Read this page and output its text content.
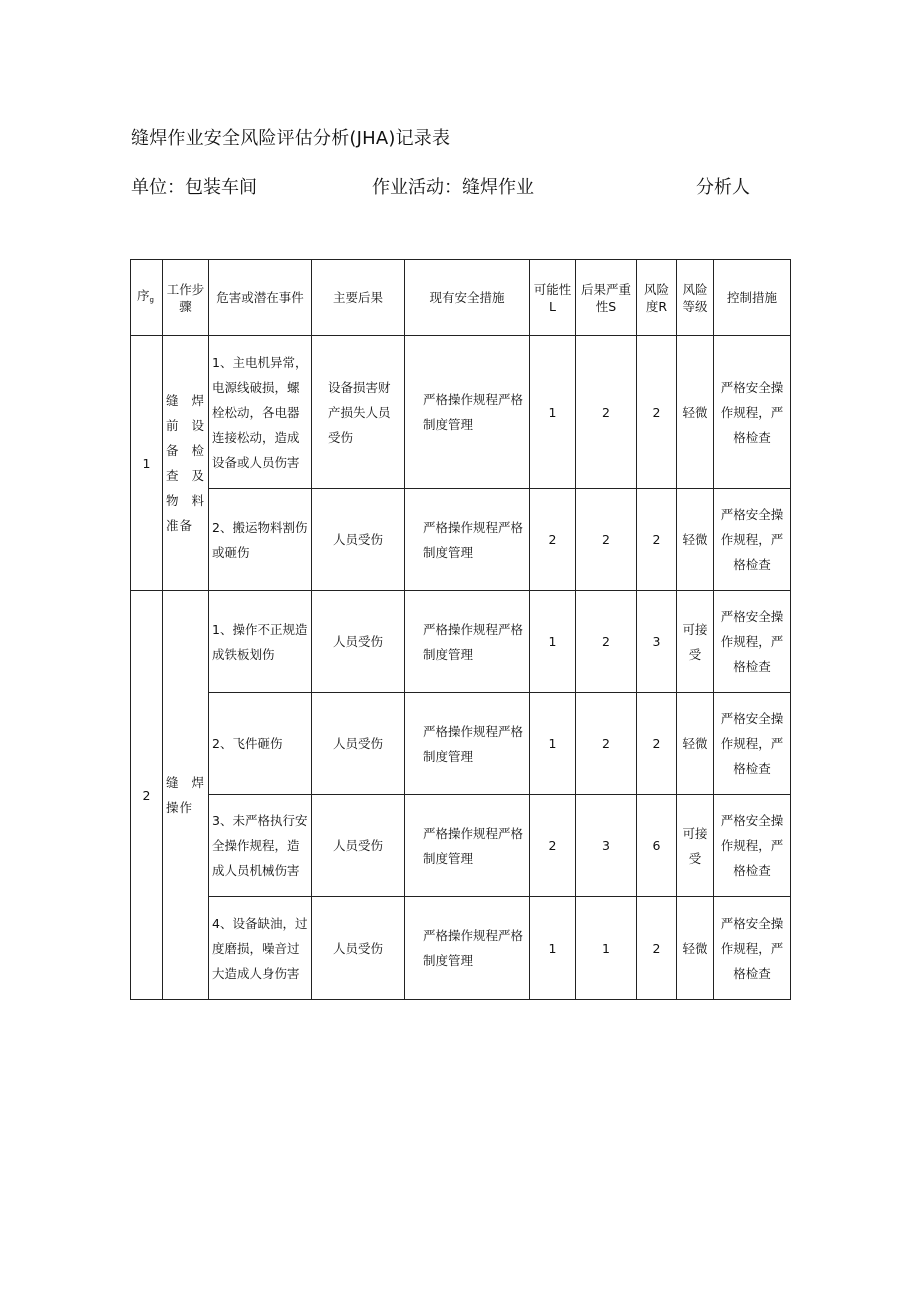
缝焊作业安全风险评估分析(JHA)记录表
单位：包装车间	作业活动：缝焊作业	分析人
序g	工作步骤	危害或潜在事件	主要后果	现有安全措施	可能性L	后果严重性S	风险度R	风险等级	控制措施
1	缝焊前设备检查及物料准备	1、主电机异常，电源线破损，螺栓松动，各电器连接松动，造成设备或人员伤害	设备损害财产损失人员受伤	严格操作规程严格制度管理	1	2	2	轻微	严格安全操作规程，严格检查
		2、搬运物料割伤或砸伤	人员受伤	严格操作规程严格制度管理	2	2	2	轻微	严格安全操作规程，严格检查
2	缝焊操作	1、操作不正规造成铁板划伤	人员受伤	严格操作规程严格制度管理	1	2	3	可接受	严格安全操作规程，严格检查
		2、飞件砸伤	人员受伤	严格操作规程严格制度管理	1	2	2	轻微	严格安全操作规程，严格检查
		3、未严格执行安全操作规程，造成人员机械伤害	人员受伤	严格操作规程严格制度管理	2	3	6	可接受	严格安全操作规程，严格检查
		4、设备缺油，过度磨损，噪音过大造成人身伤害	人员受伤	严格操作规程严格制度管理	1	1	2	轻微	严格安全操作规程，严格检查
